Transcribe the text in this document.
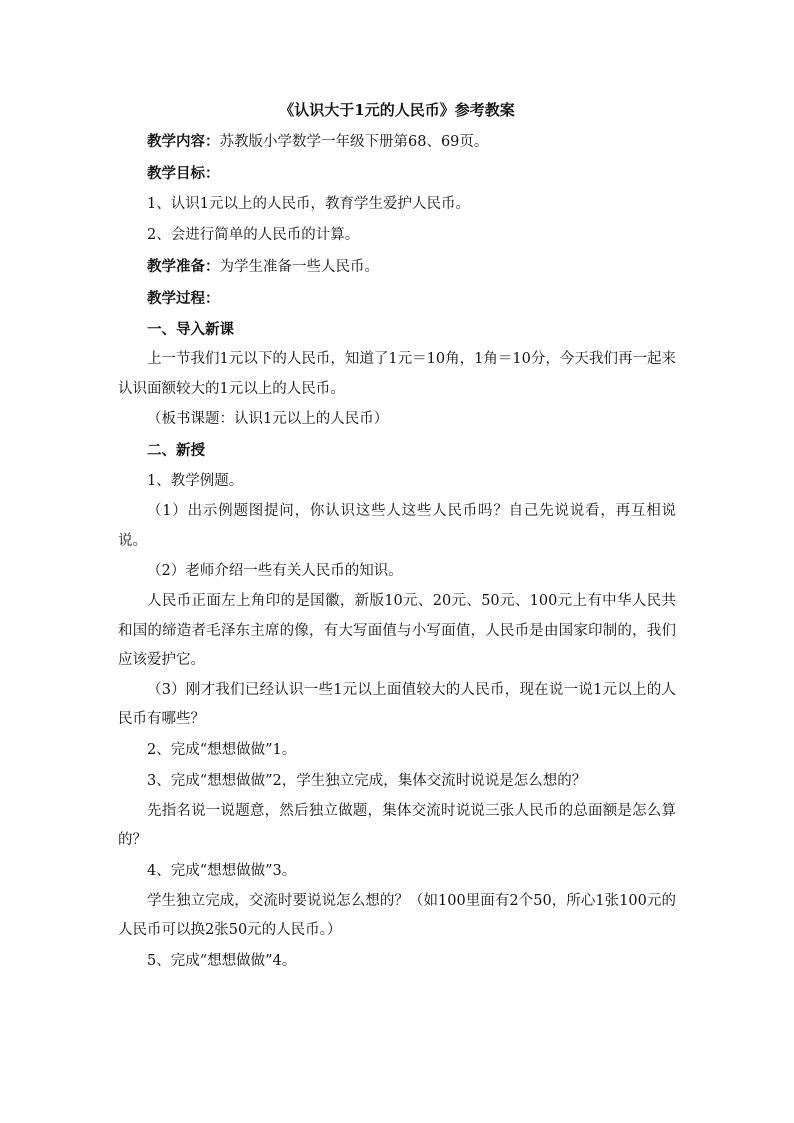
《认识大于1元的人民币》参考教案

教学内容：苏教版小学数学一年级下册第68、69页。

教学目标：

1、认识1元以上的人民币，教育学生爱护人民币。

2、会进行简单的人民币的计算。

教学准备：为学生准备一些人民币。

教学过程：

一、导入新课

上一节我们1元以下的人民币，知道了1元＝10角，1角＝10分，今天我们再一起来认识面额较大的1元以上的人民币。

（板书课题：认识1元以上的人民币）

二、新授

1、教学例题。

（1）出示例题图提问，你认识这些人这些人民币吗？自己先说说看，再互相说说。

（2）老师介绍一些有关人民币的知识。

人民币正面左上角印的是国徽，新版10元、20元、50元、100元上有中华人民共和国的缔造者毛泽东主席的像，有大写面值与小写面值，人民币是由国家印制的，我们应该爱护它。

（3）刚才我们已经认识一些1元以上面值较大的人民币，现在说一说1元以上的人民币有哪些？

2、完成“想想做做”1。

3、完成“想想做做”2，学生独立完成，集体交流时说说是怎么想的？

先指名说一说题意，然后独立做题，集体交流时说说三张人民币的总面额是怎么算的？

4、完成“想想做做”3。

学生独立完成，交流时要说说怎么想的？（如100里面有2个50，所心1张100元的人民币可以换2张50元的人民币。）

5、完成“想想做做”4。
